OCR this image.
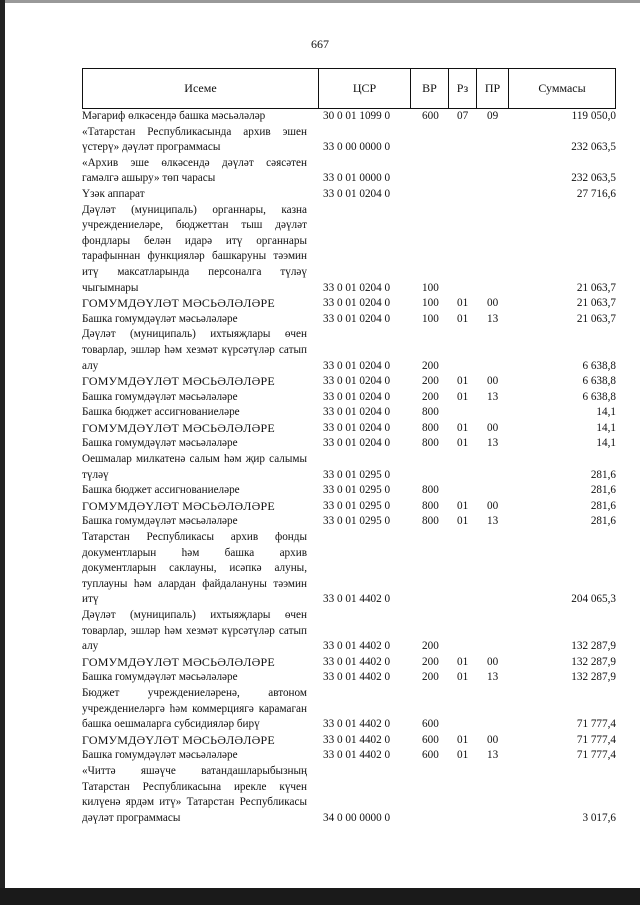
667
Исеме	ЦСР	ВР	Рз	ПР	Суммасы
Мәгариф өлкәсендә башка мәсьәләләр	30 0 01 1099 0	600 07 09	119 050,0
«Татарстан Республикасында архив эшен үстерү» дәүләт программасы	33 0 00 0000 0	232 063,5
«Архив эше өлкәсендә дәүләт сәясәтен гамәлгә ашыру» төп чарасы	33 0 01 0000 0	232 063,5
Үзәк аппарат	33 0 01 0204 0	27 716,6
Дәүләт (муниципаль) органнары, казна учреждениеләре, бюджеттан тыш дәүләт фондлары белән идарә итү органнары тарафыннан функцияләр башкаруны тәэмин итү максатларында персоналга түләү чыгымнары	33 0 01 0204 0	100	21 063,7
ГОМУМДӘҮЛӘТ МӘСЬӘЛӘЛӘРЕ	33 0 01 0204 0	100 01 00	21 063,7
Башка гомумдәүләт мәсьәләләре	33 0 01 0204 0	100 01 13	21 063,7
Дәүләт (муниципаль) ихтыяҗлары өчен товарлар, эшләр һәм хезмәт күрсәтүләр сатып алу	33 0 01 0204 0	200	6 638,8
ГОМУМДӘҮЛӘТ МӘСЬӘЛӘЛӘРЕ	33 0 01 0204 0	200 01 00	6 638,8
Башка гомумдәүләт мәсьәләләре	33 0 01 0204 0	200 01 13	6 638,8
Башка бюджет ассигнованиеләре	33 0 01 0204 0	800	14,1
ГОМУМДӘҮЛӘТ МӘСЬӘЛӘЛӘРЕ	33 0 01 0204 0	800 01 00	14,1
Башка гомумдәүләт мәсьәләләре	33 0 01 0204 0	800 01 13	14,1
Оешмалар милкатенә салым һәм җир салымы түләү	33 0 01 0295 0	281,6
Башка бюджет ассигнованиеләре	33 0 01 0295 0	800	281,6
ГОМУМДӘҮЛӘТ МӘСЬӘЛӘЛӘРЕ	33 0 01 0295 0	800 01 00	281,6
Башка гомумдәүләт мәсьәләләре	33 0 01 0295 0	800 01 13	281,6
Татарстан Республикасы архив фонды документларын һәм башка архив документларын саклауны, исәпкә алуны, туплауны һәм алардан файдалануны тәэмин итү	33 0 01 4402 0	204 065,3
Дәүләт (муниципаль) ихтыяҗлары өчен товарлар, эшләр һәм хезмәт күрсәтүләр сатып алу	33 0 01 4402 0	200	132 287,9
ГОМУМДӘҮЛӘТ МӘСЬӘЛӘЛӘРЕ	33 0 01 4402 0	200 01 00	132 287,9
Башка гомумдәүләт мәсьәләләре	33 0 01 4402 0	200 01 13	132 287,9
Бюджет учреждениеләренә, автоном учреждениеләргә һәм коммерциягә карамаган башка оешмаларга субсидияләр бирү	33 0 01 4402 0	600	71 777,4
ГОМУМДӘҮЛӘТ МӘСЬӘЛӘЛӘРЕ	33 0 01 4402 0	600 01 00	71 777,4
Башка гомумдәүләт мәсьәләләре	33 0 01 4402 0	600 01 13	71 777,4
«Читтә яшәүче ватандашларыбызның Татарстан Республикасына ирекле күчен килүенә ярдәм итү» Татарстан Республикасы дәүләт программасы	34 0 00 0000 0	3 017,6
